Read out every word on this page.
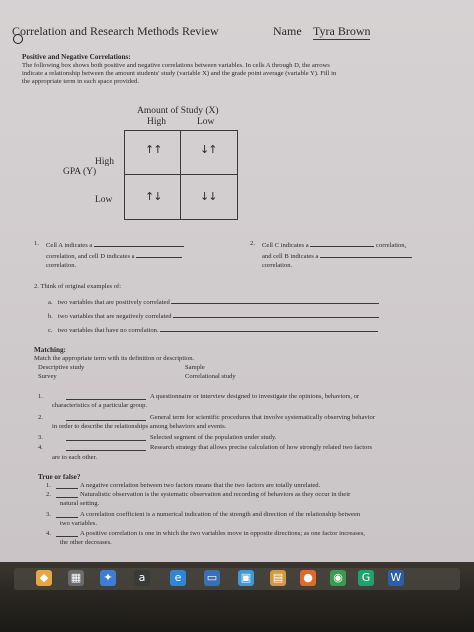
Correlation and Research Methods Review	Name Tyra Brown
Positive and Negative Correlations:
The following box shows both positive and negative correlations between variables. In cells A through D, the arrows
indicate a relationship between the amount students' study (variable X) and the grade point average (variable Y). Fill in
the appropriate term in each space provided.
Amount of Study (X)
High	Low
High
GPA (Y)
Low
↑↑	↓↑
↑↓	↓↓
1. Cell A indicates a
correlation, and cell D indicates a
correlation.
2. Cell C indicates a	correlation,
and cell B indicates a
correlation.
2. Think of original examples of:
a. two variables that are positively correlated
b. two variables that are negatively correlated
c. two variables that have no correlation.
Matching:
Match the appropriate term with its definition or description.
Descriptive study	Sample
Survey	Correlational study
1.	A questionnaire or interview designed to investigate the opinions, behaviors, or
characteristics of a particular group.
2.	General term for scientific procedures that involve systematically observing behavior
in order to describe the relationships among behaviors and events.
3.	Selected segment of the population under study.
4.	Research strategy that allows precise calculation of how strongly related two factors
are to each other.
True or false?
1.	A negative correlation between two factors means that the two factors are totally unrelated.
2.	Naturalistic observation is the systematic observation and recording of behaviors as they occur in their
natural setting.
3.	A correlation coefficient is a numerical indication of the strength and direction of the relationship between
two variables.
4.	A positive correlation is one in which the two variables move in opposite directions; as one factor increases,
the other decreases.
◆	▦	✦	a	e	▭ ▣ ▤ ● ◉	G	W
